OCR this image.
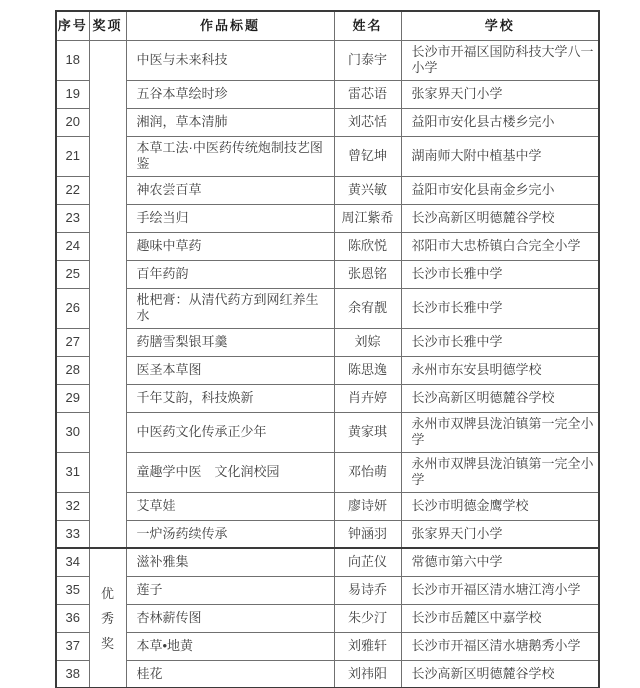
序号	奖项	作品标题	姓名	学校
18		中医与未来科技	门泰宇	长沙市开福区国防科技大学八一小学
19		五谷本草绘时珍	雷芯语	张家界天门小学
20		湘润，草本清肺	刘芯恬	益阳市安化县古楼乡完小
21		本草工法·中医药传统炮制技艺图鉴	曾钇坤	湖南师大附中植基中学
22		神农尝百草	黄兴敏	益阳市安化县南金乡完小
23		手绘当归	周江紫希	长沙高新区明德麓谷学校
24		趣味中草药	陈欣悦	祁阳市大忠桥镇白合完全小学
25		百年药韵	张恩铭	长沙市长雅中学
26		枇杷膏：从清代药方到网红养生水	余宥靓	长沙市长雅中学
27		药膳雪梨银耳羹	刘婃	长沙市长雅中学
28		医圣本草图	陈思逸	永州市东安县明德学校
29		千年艾韵，科技焕新	肖卉婷	长沙高新区明德麓谷学校
30		中医药文化传承正少年	黄家琪	永州市双牌县泷泊镇第一完全小学
31		童趣学中医　文化润校园	邓怡萌	永州市双牌县泷泊镇第一完全小学
32		艾草娃	廖诗妍	长沙市明德金鹰学校
33		一炉汤药续传承	钟涵羽	张家界天门小学
34	优秀奖	滋补雅集	向芷仪	常德市第六中学
35		莲子	易诗乔	长沙市开福区清水塘江湾小学
36		杏林薪传图	朱少汀	长沙市岳麓区中嘉学校
37		本草•地黄	刘雅轩	长沙市开福区清水塘鹅秀小学
38		桂花	刘祎阳	长沙高新区明德麓谷学校
